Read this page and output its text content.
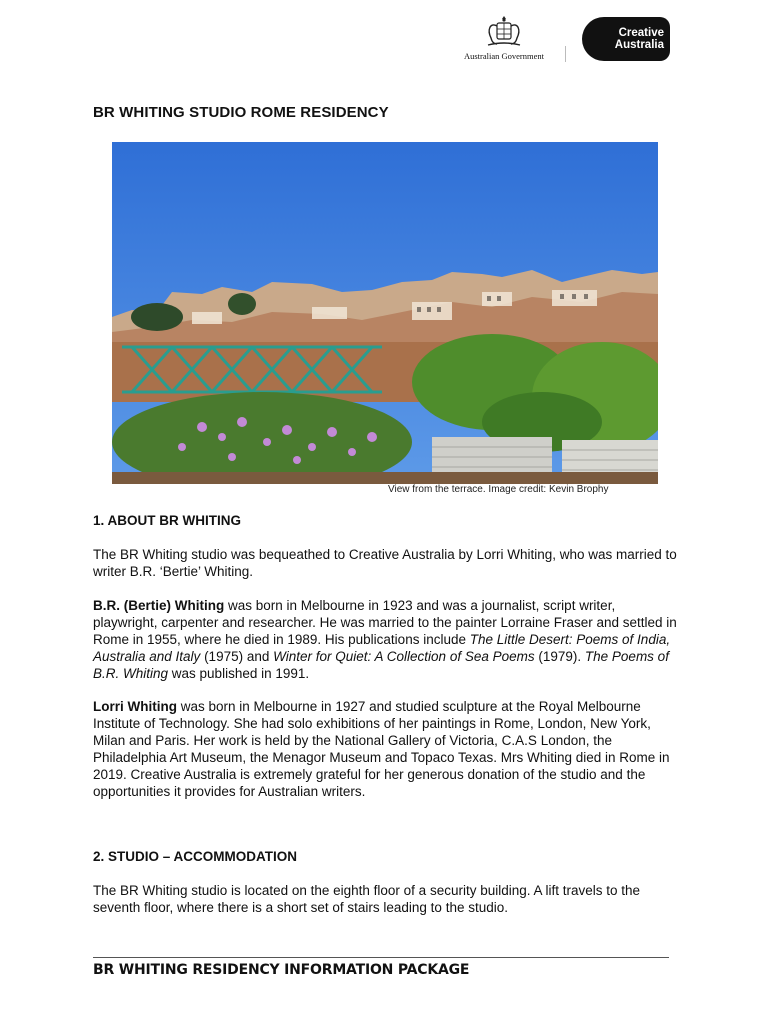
Australian Government
Creative
Australia
BR WHITING STUDIO ROME RESIDENCY
View from the terrace. Image credit: Kevin Brophy
1. ABOUT BR WHITING

The BR Whiting studio was bequeathed to Creative Australia by Lorri Whiting, who was married to writer B.R. ‘Bertie’ Whiting.

B.R. (Bertie) Whiting was born in Melbourne in 1923 and was a journalist, script writer, playwright, carpenter and researcher. He was married to the painter Lorraine Fraser and settled in Rome in 1955, where he died in 1989. His publications include The Little Desert: Poems of India, Australia and Italy (1975) and Winter for Quiet: A Collection of Sea Poems (1979). The Poems of B.R. Whiting was published in 1991.

Lorri Whiting was born in Melbourne in 1927 and studied sculpture at the Royal Melbourne Institute of Technology. She had solo exhibitions of her paintings in Rome, London, New York, Milan and Paris. Her work is held by the National Gallery of Victoria, C.A.S London, the Philadelphia Art Museum, the Menagor Museum and Topaco Texas. Mrs Whiting died in Rome in 2019. Creative Australia is extremely grateful for her generous donation of the studio and the opportunities it provides for Australian writers.

2. STUDIO – ACCOMMODATION

The BR Whiting studio is located on the eighth floor of a security building. A lift travels to the seventh floor, where there is a short set of stairs leading to the studio.

BR WHITING RESIDENCY INFORMATION PACKAGE
